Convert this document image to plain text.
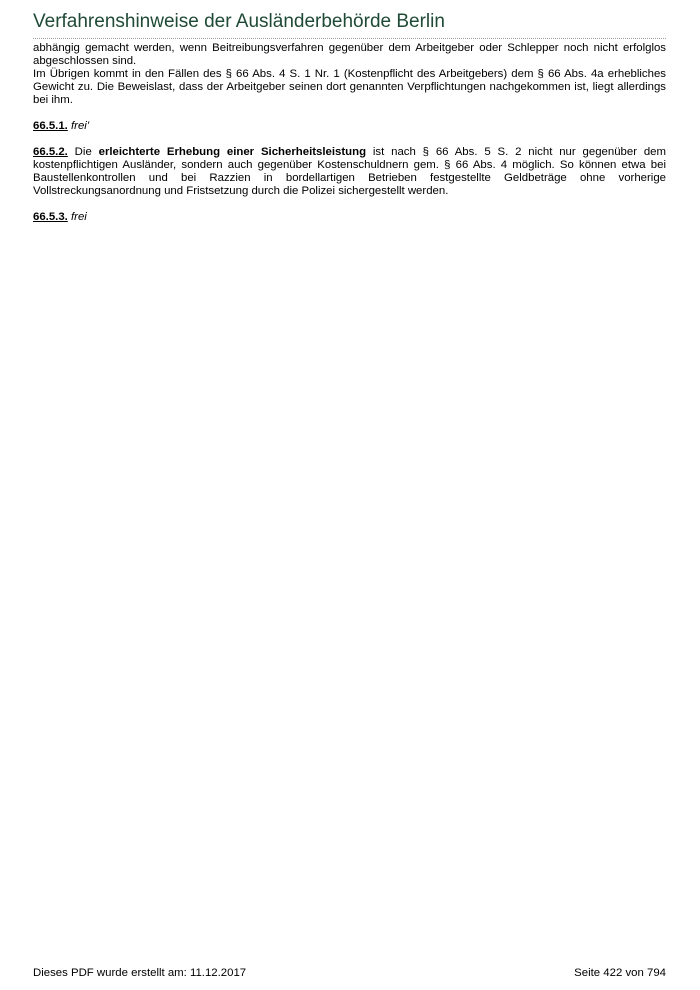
Verfahrenshinweise der Ausländerbehörde Berlin

abhängig gemacht werden, wenn Beitreibungsverfahren gegenüber dem Arbeitgeber oder Schlepper noch nicht erfolglos abgeschlossen sind.

Im Übrigen kommt in den Fällen des § 66 Abs. 4 S. 1 Nr. 1 (Kostenpflicht des Arbeitgebers) dem § 66 Abs. 4a erhebliches Gewicht zu. Die Beweislast, dass der Arbeitgeber seinen dort genannten Verpflichtungen nachgekommen ist, liegt allerdings bei ihm.

66.5.1. frei'

66.5.2. Die erleichterte Erhebung einer Sicherheitsleistung ist nach § 66 Abs. 5 S. 2 nicht nur gegenüber dem kostenpflichtigen Ausländer, sondern auch gegenüber Kostenschuldnern gem. § 66 Abs. 4 möglich. So können etwa bei Baustellenkontrollen und bei Razzien in bordellartigen Betrieben festgestellte Geldbeträge ohne vorherige Vollstreckungsanordnung und Fristsetzung durch die Polizei sichergestellt werden.

66.5.3. frei

Dieses PDF wurde erstellt am: 11.12.2017	Seite 422 von 794
